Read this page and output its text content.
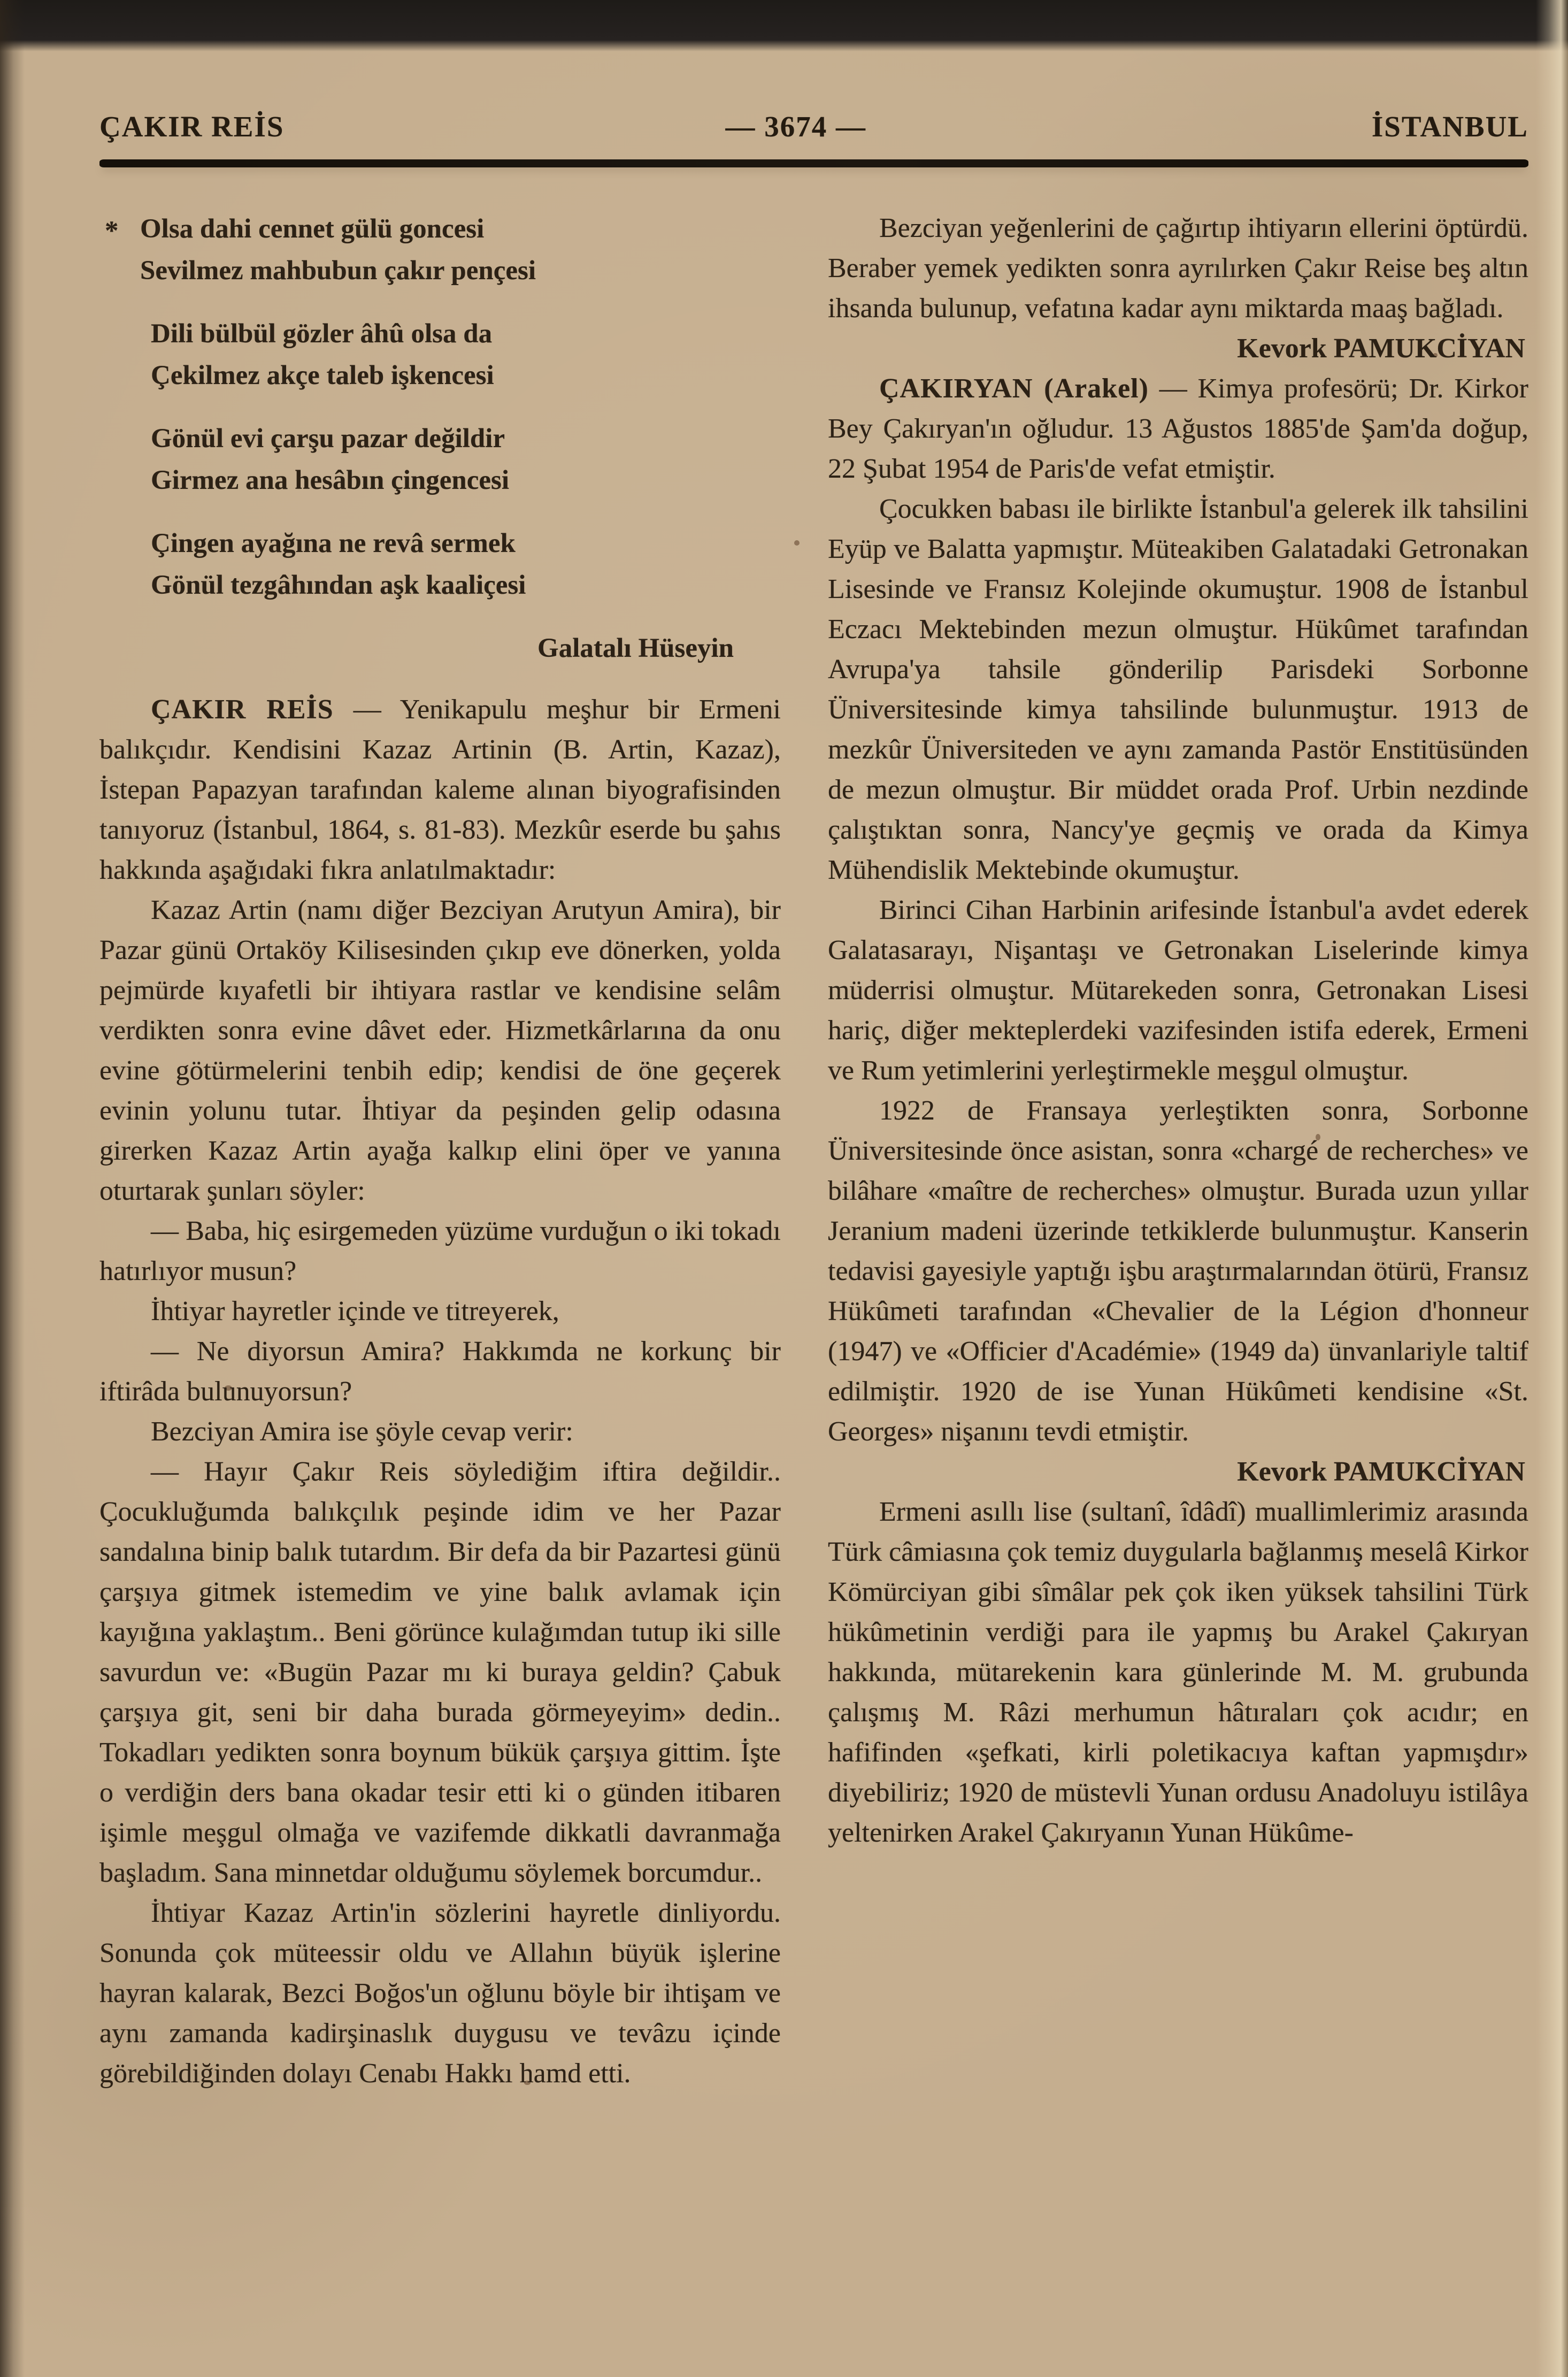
ÇAKIR REİS	— 3674 —	İSTANBUL
* Olsa dahi cennet gülü goncesi
Sevilmez mahbubun çakır pençesi
Dili bülbül gözler âhû olsa da
Çekilmez akçe taleb işkencesi
Gönül evi çarşu pazar değildir
Girmez ana hesâbın çingencesi
Çingen ayağına ne revâ sermek
Gönül tezgâhından aşk kaaliçesi
Galatalı Hüseyin

ÇAKIR REİS — Yenikapulu meşhur bir Ermeni balıkçıdır. Kendisini Kazaz Artinin (B. Artin, Kazaz), İstepan Papazyan tarafından kaleme alınan biyografisinden tanıyoruz (İstanbul, 1864, s. 81-83). Mezkûr eserde bu şahıs hakkında aşağıdaki fıkra anlatılmaktadır:

Kazaz Artin (namı diğer Bezciyan Arutyun Amira), bir Pazar günü Ortaköy Kilisesinden çıkıp eve dönerken, yolda pejmürde kıyafetli bir ihtiyara rastlar ve kendisine selâm verdikten sonra evine dâvet eder. Hizmetkârlarına da onu evine götürmelerini tenbih edip; kendisi de öne geçerek evinin yolunu tutar. İhtiyar da peşinden gelip odasına girerken Kazaz Artin ayağa kalkıp elini öper ve yanına oturtarak şunları söyler:

— Baba, hiç esirgemeden yüzüme vurduğun o iki tokadı hatırlıyor musun?

İhtiyar hayretler içinde ve titreyerek,

— Ne diyorsun Amira? Hakkımda ne korkunç bir iftirâda bulunuyorsun?

Bezciyan Amira ise şöyle cevap verir:

— Hayır Çakır Reis söylediğim iftira değildir.. Çocukluğumda balıkçılık peşinde idim ve her Pazar sandalına binip balık tutardım. Bir defa da bir Pazartesi günü çarşıya gitmek istemedim ve yine balık avlamak için kayığına yaklaştım.. Beni görünce kulağımdan tutup iki sille savurdun ve: «Bugün Pazar mı ki buraya geldin? Çabuk çarşıya git, seni bir daha burada görmeyeyim» dedin.. Tokadları yedikten sonra boynum bükük çarşıya gittim. İşte o verdiğin ders bana okadar tesir etti ki o günden itibaren işimle meşgul olmağa ve vazifemde dikkatli davranmağa başladım. Sana minnetdar olduğumu söylemek borcumdur..

İhtiyar Kazaz Artin'in sözlerini hayretle dinliyordu. Sonunda çok müteessir oldu ve Allahın büyük işlerine hayran kalarak, Bezci Boğos'un oğlunu böyle bir ihtişam ve aynı zamanda kadirşinaslık duygusu ve tevâzu içinde görebildiğinden dolayı Cenabı Hakkı hamd etti.

Bezciyan yeğenlerini de çağırtıp ihtiyarın ellerini öptürdü. Beraber yemek yedikten sonra ayrılırken Çakır Reise beş altın ihsanda bulunup, vefatına kadar aynı miktarda maaş bağladı.

Kevork PAMUKCİYAN

ÇAKIRYAN (Arakel) — Kimya profesörü; Dr. Kirkor Bey Çakıryan'ın oğludur. 13 Ağustos 1885'de Şam'da doğup, 22 Şubat 1954 de Paris'de vefat etmiştir.

Çocukken babası ile birlikte İstanbul'a gelerek ilk tahsilini Eyüp ve Balatta yapmıştır. Müteakiben Galatadaki Getronakan Lisesinde ve Fransız Kolejinde okumuştur. 1908 de İstanbul Eczacı Mektebinden mezun olmuştur. Hükûmet tarafından Avrupa'ya tahsile gönderilip Parisdeki Sorbonne Üniversitesinde kimya tahsilinde bulunmuştur. 1913 de mezkûr Üniversiteden ve aynı zamanda Pastör Enstitüsünden de mezun olmuştur. Bir müddet orada Prof. Urbin nezdinde çalıştıktan sonra, Nancy'ye geçmiş ve orada da Kimya Mühendislik Mektebinde okumuştur.

Birinci Cihan Harbinin arifesinde İstanbul'a avdet ederek Galatasarayı, Nişantaşı ve Getronakan Liselerinde kimya müderrisi olmuştur. Mütarekeden sonra, Getronakan Lisesi hariç, diğer mekteplerdeki vazifesinden istifa ederek, Ermeni ve Rum yetimlerini yerleştirmekle meşgul olmuştur.

1922 de Fransaya yerleştikten sonra, Sorbonne Üniversitesinde önce asistan, sonra «chargé de recherches» ve bilâhare «maître de recherches» olmuştur. Burada uzun yıllar Jeranium madeni üzerinde tetkiklerde bulunmuştur. Kanserin tedavisi gayesiyle yaptığı işbu araştırmalarından ötürü, Fransız Hükûmeti tarafından «Chevalier de la Légion d'honneur (1947) ve «Officier d'Académie» (1949 da) ünvanlariyle taltif edilmiştir. 1920 de ise Yunan Hükûmeti kendisine «St. Georges» nişanını tevdi etmiştir.

Kevork PAMUKCİYAN

Ermeni asıllı lise (sultanî, îdâdî) muallimlerimiz arasında Türk câmiasına çok temiz duygularla bağlanmış meselâ Kirkor Kömürciyan gibi sîmâlar pek çok iken yüksek tahsilini Türk hükûmetinin verdiği para ile yapmış bu Arakel Çakıryan hakkında, mütarekenin kara günlerinde M. M. grubunda çalışmış M. Râzi merhumun hâtıraları çok acıdır; en hafifinden «şefkati, kirli poletikacıya kaftan yapmışdır» diyebiliriz; 1920 de müstevli Yunan ordusu Anadoluyu istilâya yeltenirken Arakel Çakıryanın Yunan Hükûme-
